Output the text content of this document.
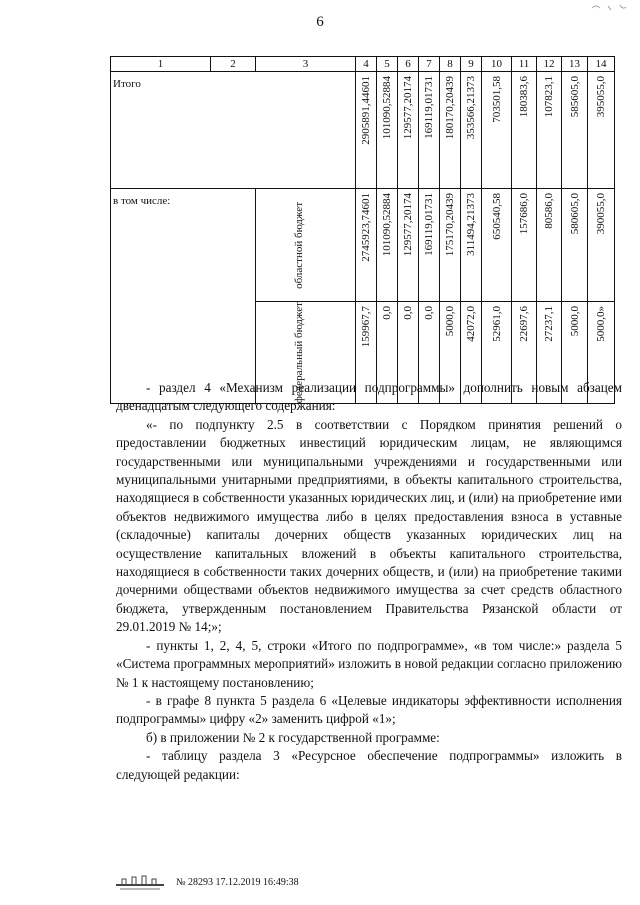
6
1	2	3	4	5	6	7	8	9	10	11	12	13	14
Итого			2905891,44601	101090,52884	129577,20174	169119,01731	180170,20439	353566,21373	703501,58	180383,6	107823,1	585605,0	395055,0

в том числе:		областной бюджет	2745923,74601	101090,52884	129577,20174	169119,01731	175170,20439	311494,21373	650540,58	157686,0	80586,0	580605,0	390055,0

		федеральный бюджет	159967,7	0,0	0,0	0,0	5000,0	42072,0	52961,0	22697,6	27237,1	5000,0	5000,0»

- раздел 4 «Механизм реализации подпрограммы» дополнить новым абзацем двенадцатым следующего содержания:

«- по подпункту 2.5 в соответствии с Порядком принятия решений о предоставлении бюджетных инвестиций юридическим лицам, не являющимся государственными или муниципальными учреждениями и государственными или муниципальными унитарными предприятиями, в объекты капитального строительства, находящиеся в собственности указанных юридических лиц, и (или) на приобретение ими объектов недвижимого имущества либо в целях предоставления взноса в уставные (складочные) капиталы дочерних обществ указанных юридических лиц на осуществление капитальных вложений в объекты капитального строительства, находящиеся в собственности таких дочерних обществ, и (или) на приобретение такими дочерними обществами объектов недвижимого имущества за счет средств областного бюджета, утвержденным постановлением Правительства Рязанской области от 29.01.2019 № 14;»;

- пункты 1, 2, 4, 5, строки «Итого по подпрограмме», «в том числе:» раздела 5 «Система программных мероприятий» изложить в новой редакции согласно приложению № 1 к настоящему постановлению;

- в графе 8 пункта 5 раздела 6 «Целевые индикаторы эффективности исполнения подпрограммы» цифру «2» заменить цифрой «1»;

б) в приложении № 2 к государственной программе:

- таблицу раздела 3 «Ресурсное обеспечение подпрограммы» изложить в следующей редакции:

№ 28293 17.12.2019 16:49:38
